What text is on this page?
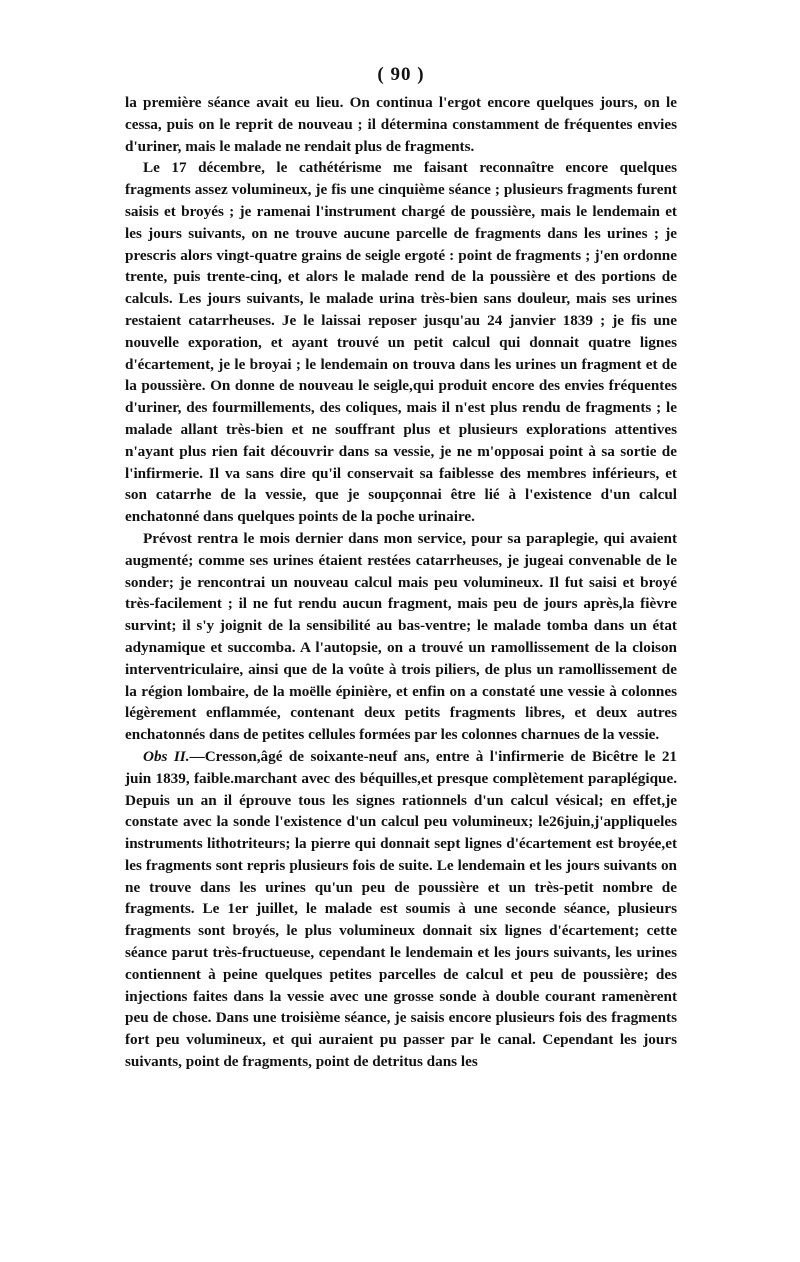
( 90 )

la première séance avait eu lieu. On continua l'ergot encore quelques jours, on le cessa, puis on le reprit de nouveau ; il détermina constamment de fréquentes envies d'uriner, mais le malade ne rendait plus de fragments.

Le 17 décembre, le cathétérisme me faisant reconnaître encore quelques fragments assez volumineux, je fis une cinquième séance ; plusieurs fragments furent saisis et broyés ; je ramenai l'instrument chargé de poussière, mais le lendemain et les jours suivants, on ne trouve aucune parcelle de fragments dans les urines ; je prescris alors vingt-quatre grains de seigle ergoté : point de fragments ; j'en ordonne trente, puis trente-cinq, et alors le malade rend de la poussière et des portions de calculs. Les jours suivants, le malade urina très-bien sans douleur, mais ses urines restaient catarrheuses. Je le laissai reposer jusqu'au 24 janvier 1839 ; je fis une nouvelle exporation, et ayant trouvé un petit calcul qui donnait quatre lignes d'écartement, je le broyai ; le lendemain on trouva dans les urines un fragment et de la poussière. On donne de nouveau le seigle,qui produit encore des envies fréquentes d'uriner, des fourmillements, des coliques, mais il n'est plus rendu de fragments ; le malade allant très-bien et ne souffrant plus et plusieurs explorations attentives n'ayant plus rien fait découvrir dans sa vessie, je ne m'opposai point à sa sortie de l'infirmerie. Il va sans dire qu'il conservait sa faiblesse des membres inférieurs, et son catarrhe de la vessie, que je soupçonnai être lié à l'existence d'un calcul enchatonné dans quelques points de la poche urinaire.

Prévost rentra le mois dernier dans mon service, pour sa paraplegie, qui avaient augmenté; comme ses urines étaient restées catarrheuses, je jugeai convenable de le sonder; je rencontrai un nouveau calcul mais peu volumineux. Il fut saisi et broyé très-facilement ; il ne fut rendu aucun fragment, mais peu de jours après,la fièvre survint; il s'y joignit de la sensibilité au bas-ventre; le malade tomba dans un état adynamique et succomba. A l'autopsie, on a trouvé un ramollissement de la cloison interventriculaire, ainsi que de la voûte à trois piliers, de plus un ramollissement de la région lombaire, de la moëlle épinière, et enfin on a constaté une vessie à colonnes légèrement enflammée, contenant deux petits fragments libres, et deux autres enchatonnés dans de petites cellules formées par les colonnes charnues de la vessie.

Obs II.—Cresson,âgé de soixante-neuf ans, entre à l'infirmerie de Bicêtre le 21 juin 1839, faible.marchant avec des béquilles,et presque complètement paraplégique. Depuis un an il éprouve tous les signes rationnels d'un calcul vésical; en effet,je constate avec la sonde l'existence d'un calcul peu volumineux; le26juin,j'appliqueles instruments lithotriteurs; la pierre qui donnait sept lignes d'écartement est broyée,et les fragments sont repris plusieurs fois de suite. Le lendemain et les jours suivants on ne trouve dans les urines qu'un peu de poussière et un très-petit nombre de fragments. Le 1er juillet, le malade est soumis à une seconde séance, plusieurs fragments sont broyés, le plus volumineux donnait six lignes d'écartement; cette séance parut très-fructueuse, cependant le lendemain et les jours suivants, les urines contiennent à peine quelques petites parcelles de calcul et peu de poussière; des injections faites dans la vessie avec une grosse sonde à double courant ramenèrent peu de chose. Dans une troisième séance, je saisis encore plusieurs fois des fragments fort peu volumineux, et qui auraient pu passer par le canal. Cependant les jours suivants, point de fragments, point de detritus dans les
